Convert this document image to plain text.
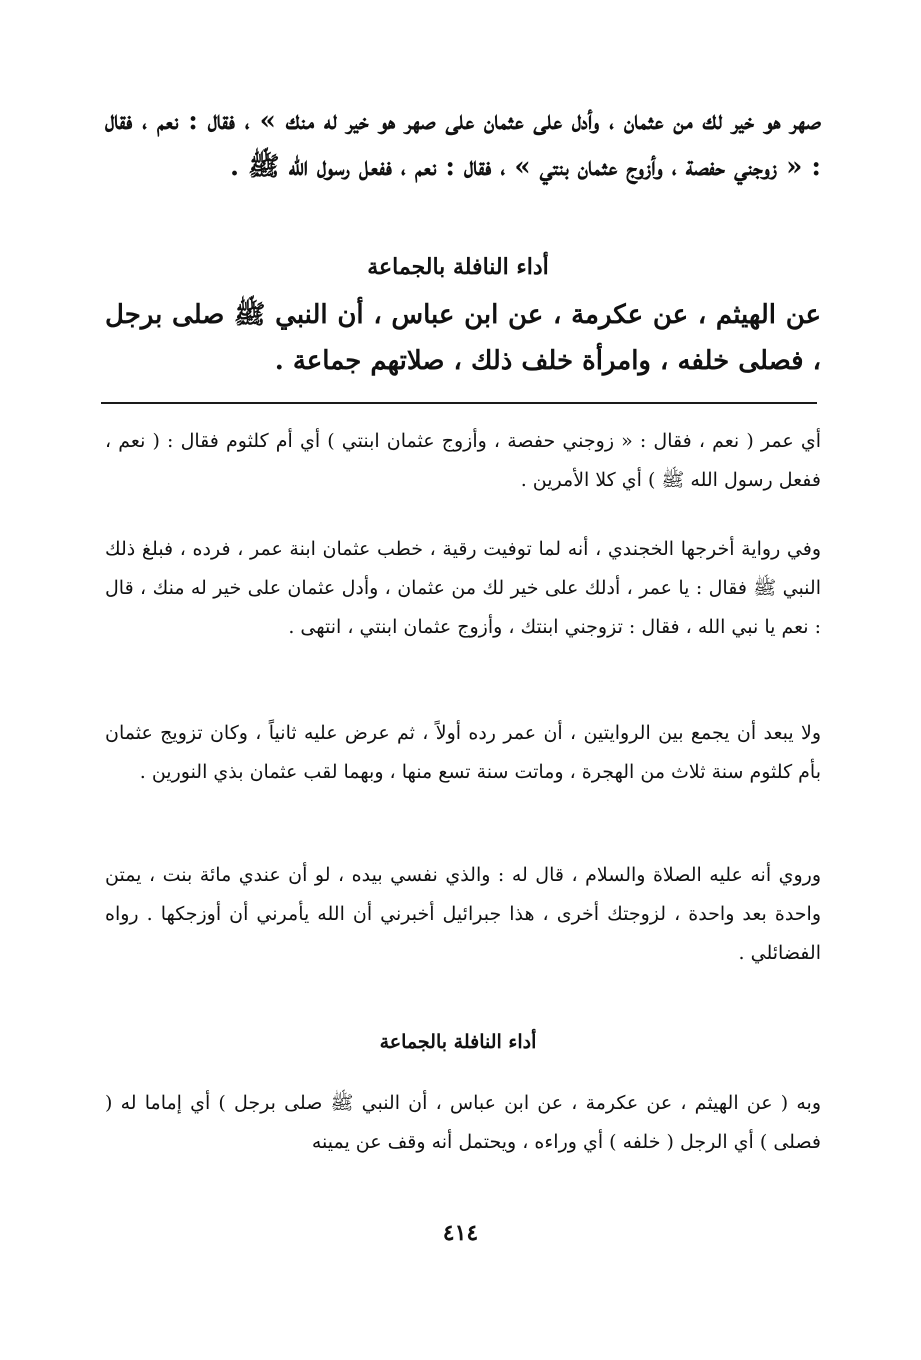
صهر هو خير لك من عثمان ، وأدل على عثمان على صهر هو خير له منك » ، فقال : نعم ، فقال : « زوجني حفصة ، وأزوج عثمان بنتي » ، فقال : نعم ، ففعل رسول الله ﷺ .

أداء النافلة بالجماعة

عن الهيثم ، عن عكرمة ، عن ابن عباس ، أن النبي ﷺ صلى برجل ، فصلى خلفه ، وامرأة خلف ذلك ، صلاتهم جماعة .

أي عمر ( نعم ، فقال : « زوجني حفصة ، وأزوج عثمان ابنتي ) أي أم كلثوم فقال : ( نعم ، ففعل رسول الله ﷺ ) أي كلا الأمرين .

وفي رواية أخرجها الخجندي ، أنه لما توفيت رقية ، خطب عثمان ابنة عمر ، فرده ، فبلغ ذلك النبي ﷺ فقال : يا عمر ، أدلك على خير لك من عثمان ، وأدل عثمان على خير له منك ، قال : نعم يا نبي الله ، فقال : تزوجني ابنتك ، وأزوج عثمان ابنتي ، انتهى .

ولا يبعد أن يجمع بين الروايتين ، أن عمر رده أولاً ، ثم عرض عليه ثانياً ، وكان تزويج عثمان بأم كلثوم سنة ثلاث من الهجرة ، وماتت سنة تسع منها ، وبهما لقب عثمان بذي النورين .

وروي أنه عليه الصلاة والسلام ، قال له : والذي نفسي بيده ، لو أن عندي مائة بنت ، يمتن واحدة بعد واحدة ، لزوجتك أخرى ، هذا جبرائيل أخبرني أن الله يأمرني أن أوزجكها . رواه الفضائلي .

أداء النافلة بالجماعة

وبه ( عن الهيثم ، عن عكرمة ، عن ابن عباس ، أن النبي ﷺ صلى برجل ) أي إماما له ( فصلى ) أي الرجل ( خلفه ) أي وراءه ، ويحتمل أنه وقف عن يمينه

٤١٤
